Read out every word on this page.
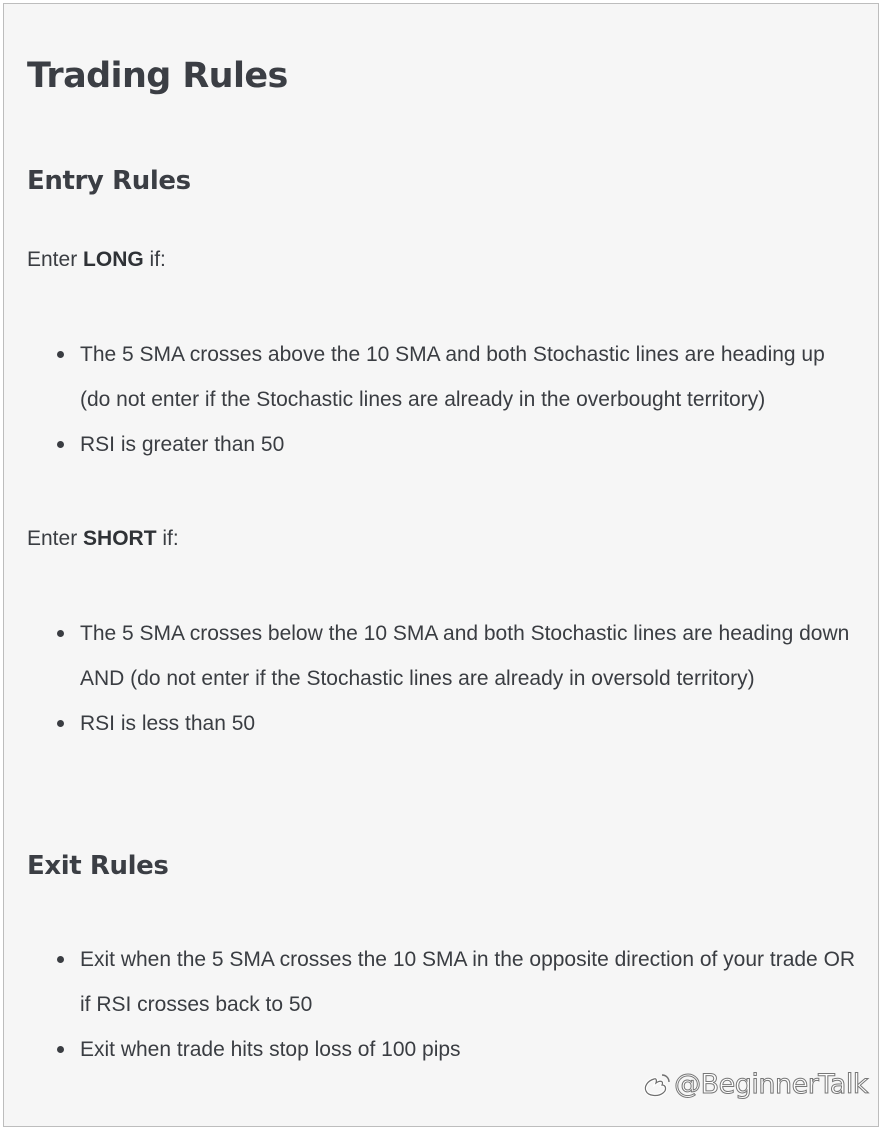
Trading Rules
Entry Rules

Enter LONG if:

The 5 SMA crosses above the 10 SMA and both Stochastic lines are heading up (do not enter if the Stochastic lines are already in the overbought territory)
RSI is greater than 50

Enter SHORT if:

The 5 SMA crosses below the 10 SMA and both Stochastic lines are heading down AND (do not enter if the Stochastic lines are already in oversold territory)
RSI is less than 50
Exit Rules
Exit when the 5 SMA crosses the 10 SMA in the opposite direction of your trade OR if RSI crosses back to 50
Exit when trade hits stop loss of 100 pips
@BeginnerTalk
